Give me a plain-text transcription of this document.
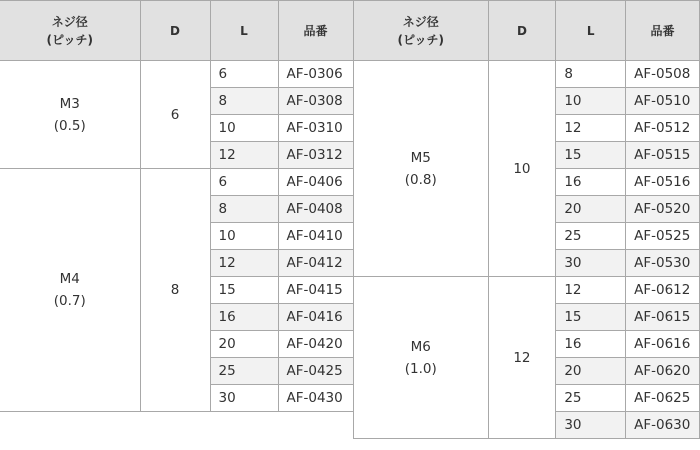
ネジ径
(ピッチ)	D	L	品番

M3
(0.5)	6	6	AF-0306
		8	AF-0308
		10	AF-0310
		12	AF-0312

M4
(0.7)	8	6	AF-0406
		8	AF-0408
		10	AF-0410
		12	AF-0412
		15	AF-0415
		16	AF-0416
		20	AF-0420
		25	AF-0425
		30	AF-0430
ネジ径
(ピッチ)	D	L	品番

M5
(0.8)	10	8	AF-0508
		10	AF-0510
		12	AF-0512
		15	AF-0515
		16	AF-0516
		20	AF-0520
		25	AF-0525
		30	AF-0530

M6
(1.0)	12	12	AF-0612
		15	AF-0615
		16	AF-0616
		20	AF-0620
		25	AF-0625
		30	AF-0630
